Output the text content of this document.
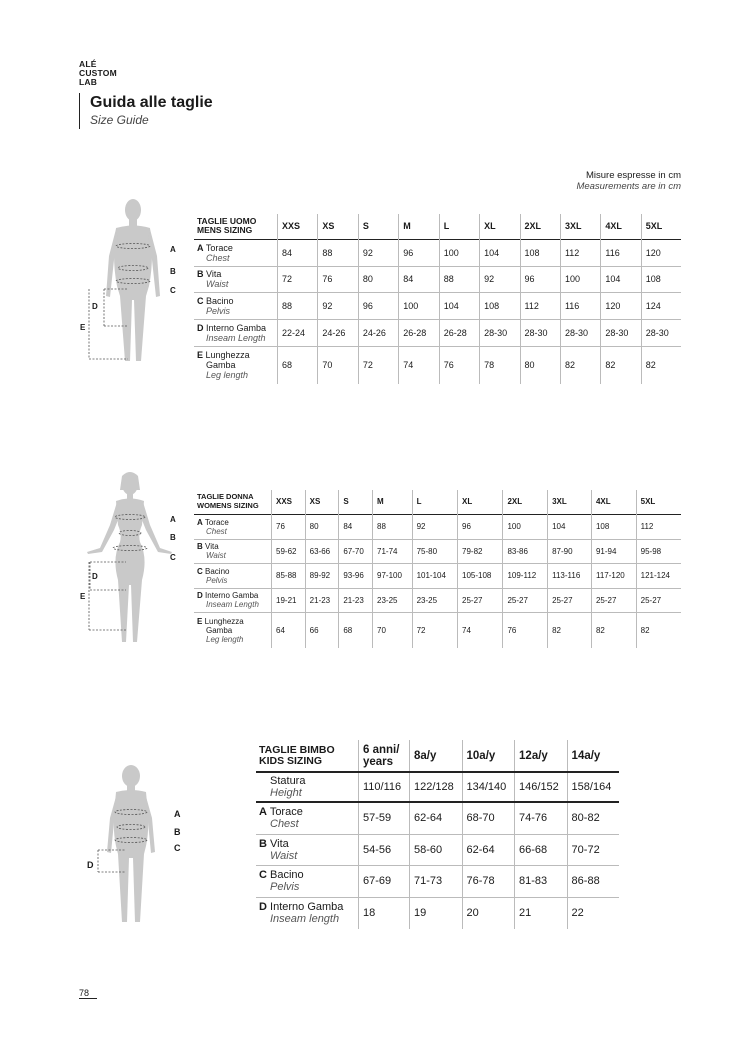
ALÉ
CUSTOM
LAB
Guida alle taglie
Size Guide
Misure espresse in cm
Measurements are in cm
A
B
C
D
E
TAGLIE UOMO
MENS SIZING	XXS	XS	S	M	L	XL	2XL	3XL	4XL	5XL

A Torace
Chest	84	88	92	96	100	104	108	112	116	120

B Vita
Waist	72	76	80	84	88	92	96	100	104	108

C Bacino
Pelvis	88	92	96	100	104	108	112	116	120	124

D Interno Gamba
Inseam Length	22-24	24-26	24-26	26-28	26-28	28-30	28-30	28-30	28-30	28-30

E Lunghezza
Gamba
Leg length	68	70	72	74	76	78	80	82	82	82
A
B
C
D
E
TAGLIE DONNA
WOMENS SIZING	XXS	XS	S	M	L	XL	2XL	3XL	4XL	5XL

A Torace
Chest	76	80	84	88	92	96	100	104	108	112

B Vita
Waist	59-62	63-66	67-70	71-74	75-80	79-82	83-86	87-90	91-94	95-98

C Bacino
Pelvis	85-88	89-92	93-96	97-100	101-104	105-108	109-112	113-116	117-120	121-124

D Interno Gamba
Inseam Length	19-21	21-23	21-23	23-25	23-25	25-27	25-27	25-27	25-27	25-27

E Lunghezza
Gamba
Leg length	64	66	68	70	72	74	76	82	82	82
A
B
C
D
TAGLIE BIMBO
KIDS SIZING	6 anni/ years	8a/y	10a/y	12a/y	14a/y

Statura
Height	110/116	122/128	134/140	146/152	158/164

A Torace
Chest	57-59	62-64	68-70	74-76	80-82

B Vita
Waist	54-56	58-60	62-64	66-68	70-72

C Bacino
Pelvis	67-69	71-73	76-78	81-83	86-88

D Interno Gamba
Inseam length	18	19	20	21	22
78
